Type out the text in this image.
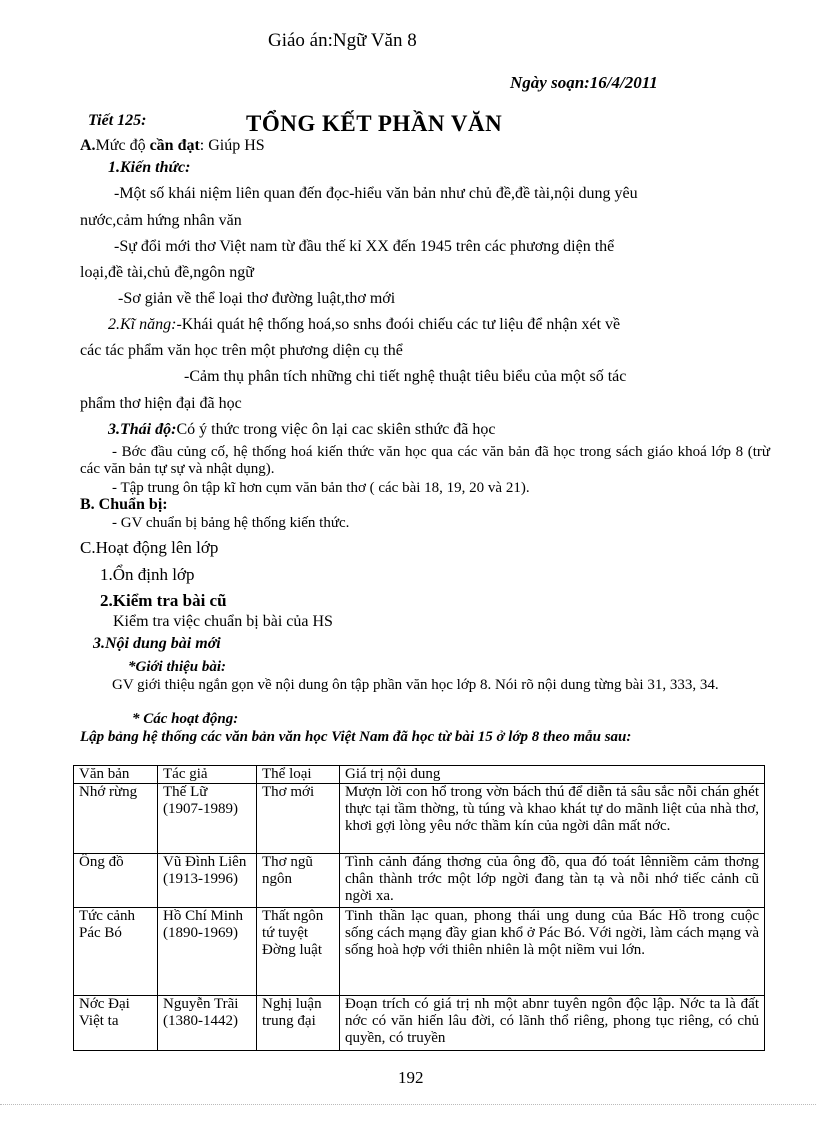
Giáo án:Ngữ Văn 8
Ngày soạn:16/4/2011
Tiết 125:	TỔNG KẾT PHẦN VĂN
A.Mức độ cần đạt: Giúp HS
1.Kiến thức:
-Một số khái niệm liên quan đến đọc-hiểu văn bản như chủ đề,đề tài,nội dung yêu
nước,cảm hứng nhân văn
-Sự đổi mới thơ Việt nam từ đầu thế kỉ XX đến 1945 trên các phương diện thể
loại,đề tài,chủ đề,ngôn ngữ
-Sơ giản về thể loại thơ đường luật,thơ mới
2.Kĩ năng:-Khái quát hệ thống hoá,so snhs đoói chiếu các tư liệu để nhận xét về
các tác phẩm văn học trên một phương diện cụ thể
-Cảm thụ phân tích những chi tiết nghệ thuật tiêu biểu của một số tác
phẩm thơ hiện đại đã học
3.Thái độ:Có ý thức trong việc ôn lại cac skiên sthức đã học
- Bớc đầu củng cố, hệ thống hoá kiến thức văn học qua các văn bản đã học trong sách giáo khoá lớp 8 (trừ các văn bản tự sự và nhật dụng).
- Tập trung ôn tập kĩ hơn cụm văn bản thơ ( các bài 18, 19, 20 và 21).
B. Chuẩn bị:
- GV chuẩn bị bảng hệ thống kiến thức.
C.Hoạt động lên lớp
1.Ổn định lớp
2.Kiểm tra bài cũ
Kiểm tra việc chuẩn bị bài của HS
3.Nội dung bài mới
*Giới thiệu bài:
GV giới thiệu ngắn gọn về nội dung ôn tập phần văn học lớp 8. Nói rõ nội dung từng bài 31, 333, 34.
* Các hoạt động:
Lập bảng hệ thống các văn bản văn học Việt Nam đã học từ bài 15 ở lớp 8 theo mẫu sau:
Văn bản	Tác giả	Thể loại	Giá trị nội dung
Nhớ rừng	Thế Lữ (1907-1989)	Thơ mới	Mượn lời con hổ trong vờn bách thú để diễn tả sâu sắc nỗi chán ghét thực tại tầm thờng, tù túng và khao khát tự do mãnh liệt của nhà thơ, khơi gợi lòng yêu nớc thầm kín của ngời dân mất nớc.
Ông đồ	Vũ Đình Liên (1913-1996)	Thơ ngũ ngôn	Tình cảnh đáng thơng của ông đồ, qua đó toát lênniềm cảm thơng chân thành trớc một lớp ngời đang tàn tạ và nỗi nhớ tiếc cảnh cũ ngời xa.
Tức cảnh Pác Bó	Hồ Chí Minh (1890-1969)	Thất ngôn tứ tuyệt Đờng luật	Tinh thần lạc quan, phong thái ung dung của Bác Hồ trong cuộc sống cách mạng đầy gian khổ ở Pác Bó. Với ngời, làm cách mạng và sống hoà hợp với thiên nhiên là một niềm vui lớn.
Nớc Đại Việt ta	Nguyễn Trãi (1380-1442)	Nghị luận trung đại	Đoạn trích có giá trị nh một abnr tuyên ngôn độc lập. Nớc ta là đất nớc có văn hiến lâu đời, có lãnh thổ riêng, phong tục riêng, có chủ quyền, có truyền
192
